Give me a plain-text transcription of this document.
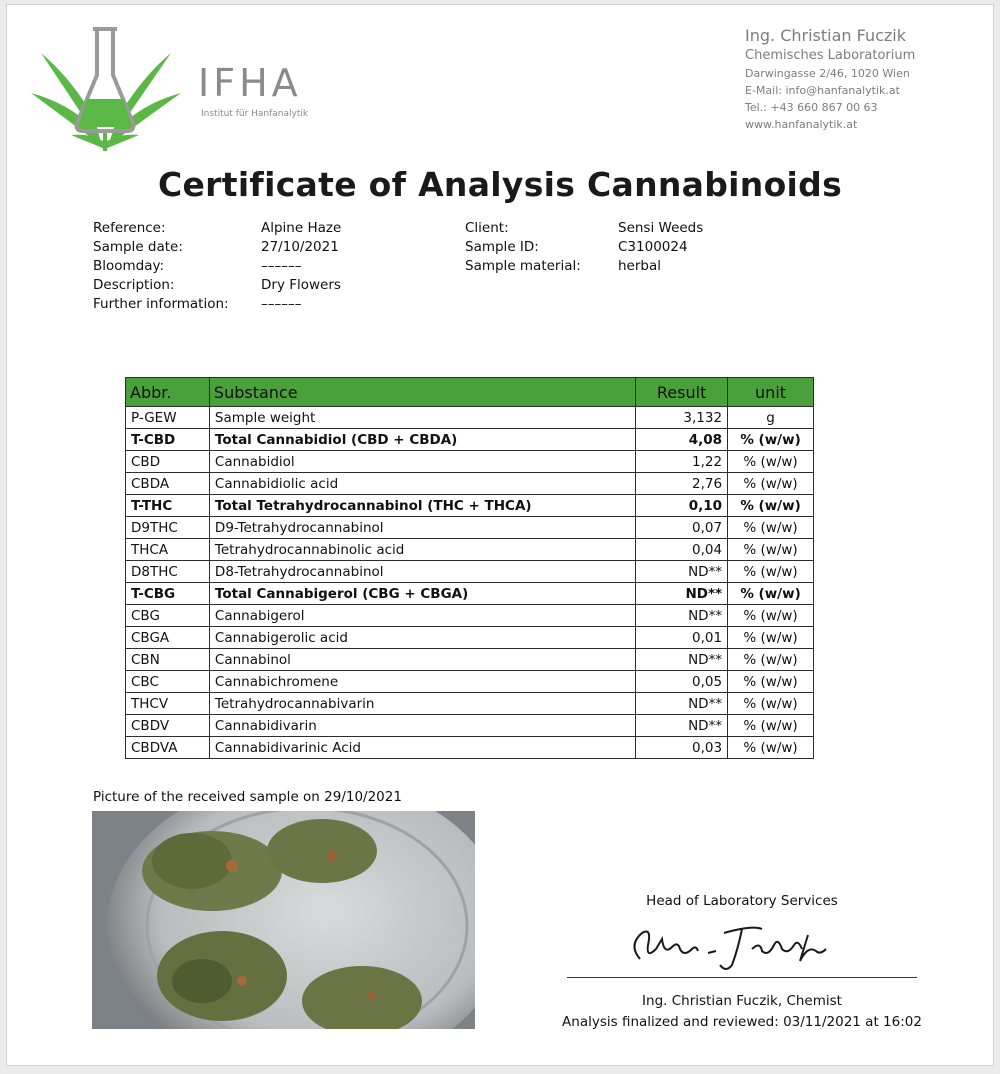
IFHA
Institut für Hanfanalytik
Ing. Christian Fuczik
Chemisches Laboratorium
Darwingasse 2/46, 1020 Wien
E-Mail: info@hanfanalytik.at
Tel.: +43 660 867 00 63
www.hanfanalytik.at
Certificate of Analysis Cannabinoids
Reference:	Alpine Haze
Sample date:	27/10/2021
Bloomday:	––––––
Description:	Dry Flowers
Further information: ––––––
Client:	Sensi Weeds
Sample ID:	C3100024
Sample material:	herbal
Abbr.	Substance	Result	unit
P-GEW	Sample weight	3,132	g
T-CBD	Total Cannabidiol (CBD + CBDA)	4,08	% (w/w)
CBD	Cannabidiol	1,22	% (w/w)
CBDA	Cannabidiolic acid	2,76	% (w/w)
T-THC	Total Tetrahydrocannabinol (THC + THCA)	0,10	% (w/w)
D9THC	D9-Tetrahydrocannabinol	0,07	% (w/w)
THCA	Tetrahydrocannabinolic acid	0,04	% (w/w)
D8THC	D8-Tetrahydrocannabinol	ND**	% (w/w)
T-CBG	Total Cannabigerol (CBG + CBGA)	ND**	% (w/w)
CBG	Cannabigerol	ND**	% (w/w)
CBGA	Cannabigerolic acid	0,01	% (w/w)
CBN	Cannabinol	ND**	% (w/w)
CBC	Cannabichromene	0,05	% (w/w)
THCV	Tetrahydrocannabivarin	ND**	% (w/w)
CBDV	Cannabidivarin	ND**	% (w/w)
CBDVA	Cannabidivarinic Acid	0,03	% (w/w)
Picture of the received sample on 29/10/2021
Head of Laboratory Services
Ing. Christian Fuczik, Chemist
Analysis finalized and reviewed: 03/11/2021 at 16:02
